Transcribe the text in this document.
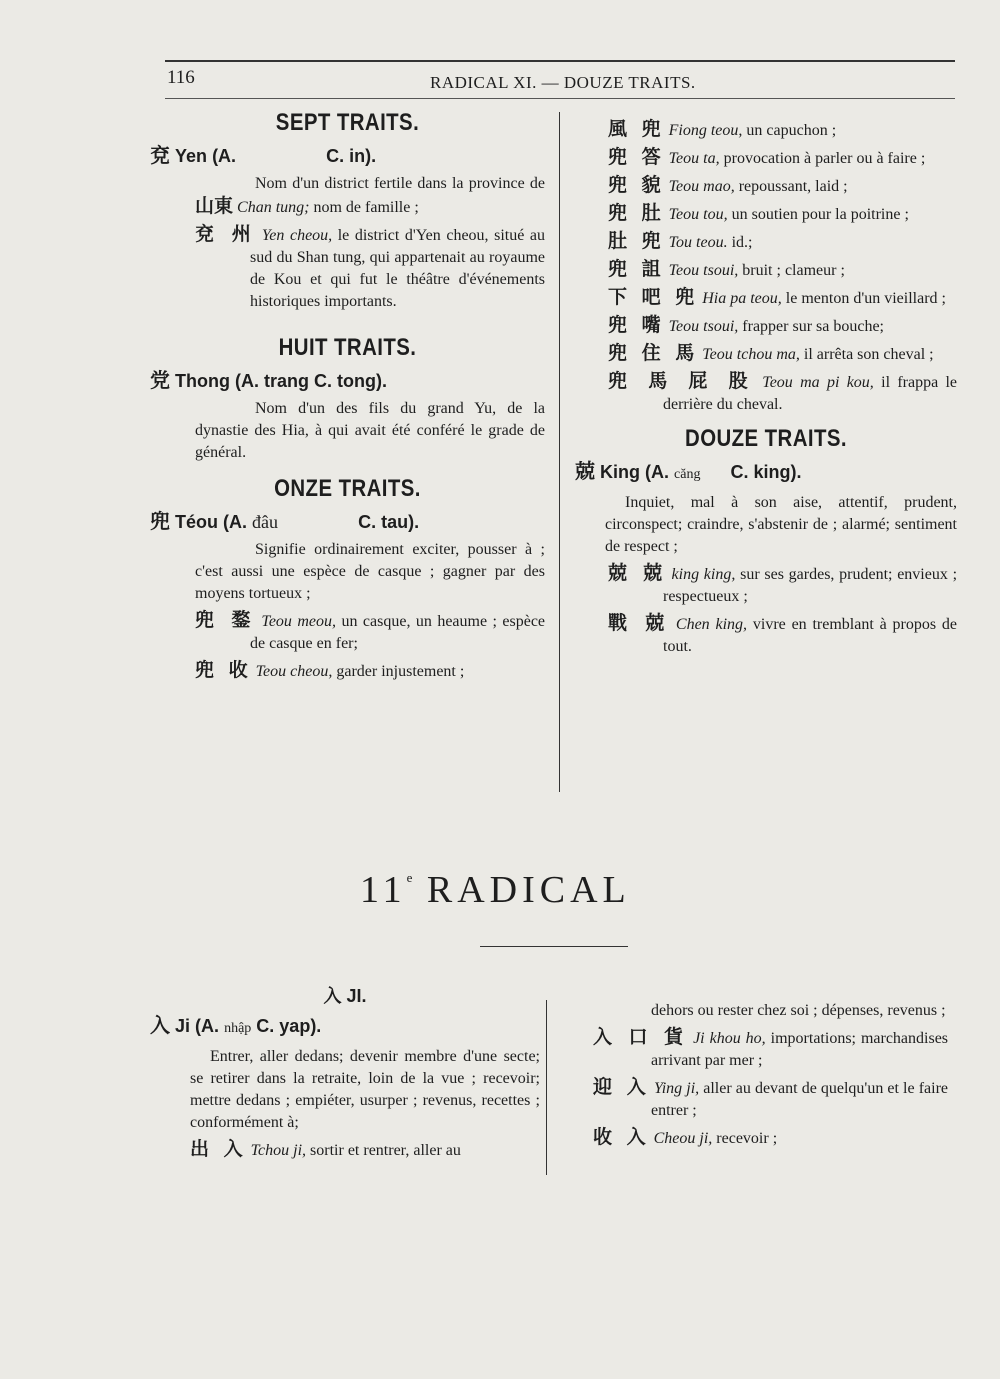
116	RADICAL XI. — DOUZE TRAITS.
SEPT TRAITS.
兗 Yen (A.	C. in).

Nom d'un district fertile dans la province de 山東 Chan tung; nom de famille ;

兗 州 Yen cheou, le district d'Yen cheou, situé au sud du Shan tung, qui appartenait au royaume de Kou et qui fut le théâtre d'événements historiques importants.

HUIT TRAITS.
党 Thong (A. trang C. tong).

Nom d'un des fils du grand Yu, de la dynastie des Hia, à qui avait été conféré le grade de général.

ONZE TRAITS.
兜 Téou (A. đâu	C. tau).

Signifie ordinairement exciter, pousser à ; c'est aussi une espèce de casque ; gagner par des moyens tortueux ;

兜 鍪 Teou meou, un casque, un heaume ; espèce de casque en fer;

兜 收 Teou cheou, garder injustement ;

風 兜 Fiong teou, un capuchon ;

兜 答 Teou ta, provocation à parler ou à faire ;

兜 貌 Teou mao, repoussant, laid ;

兜 肚 Teou tou, un soutien pour la poitrine ;

肚 兜 Tou teou. id.;

兜 詛 Teou tsoui, bruit ; clameur ;

下 吧 兜 Hia pa teou, le menton d'un vieillard ;

兜 嘴 Teou tsoui, frapper sur sa bouche;

兜 住 馬 Teou tchou ma, il arrêta son cheval ;

兜 馬 屁 股 Teou ma pi kou, il frappa le derrière du cheval.

DOUZE TRAITS.
兢 King (A. căng C. king).

Inquiet, mal à son aise, attentif, prudent, circonspect; craindre, s'abstenir de ; alarmé; sentiment de respect ;

兢 兢 king king, sur ses gardes, prudent; envieux ; respectueux ;

戰 兢 Chen king, vivre en tremblant à propos de tout.

11e RADICAL
入 JI.
入 Ji (A. nhập C. yap).

Entrer, aller dedans; devenir membre d'une secte; se retirer dans la retraite, loin de la vue ; recevoir; mettre dedans ; empiéter, usurper ; revenus, recettes ; conformément à;

出 入 Tchou ji, sortir et rentrer, aller au

dehors ou rester chez soi ; dépenses, revenus ;

入 口 貨 Ji khou ho, importations; marchandises arrivant par mer ;

迎 入 Ying ji, aller au devant de quelqu'un et le faire entrer ;

收 入 Cheou ji, recevoir ;
